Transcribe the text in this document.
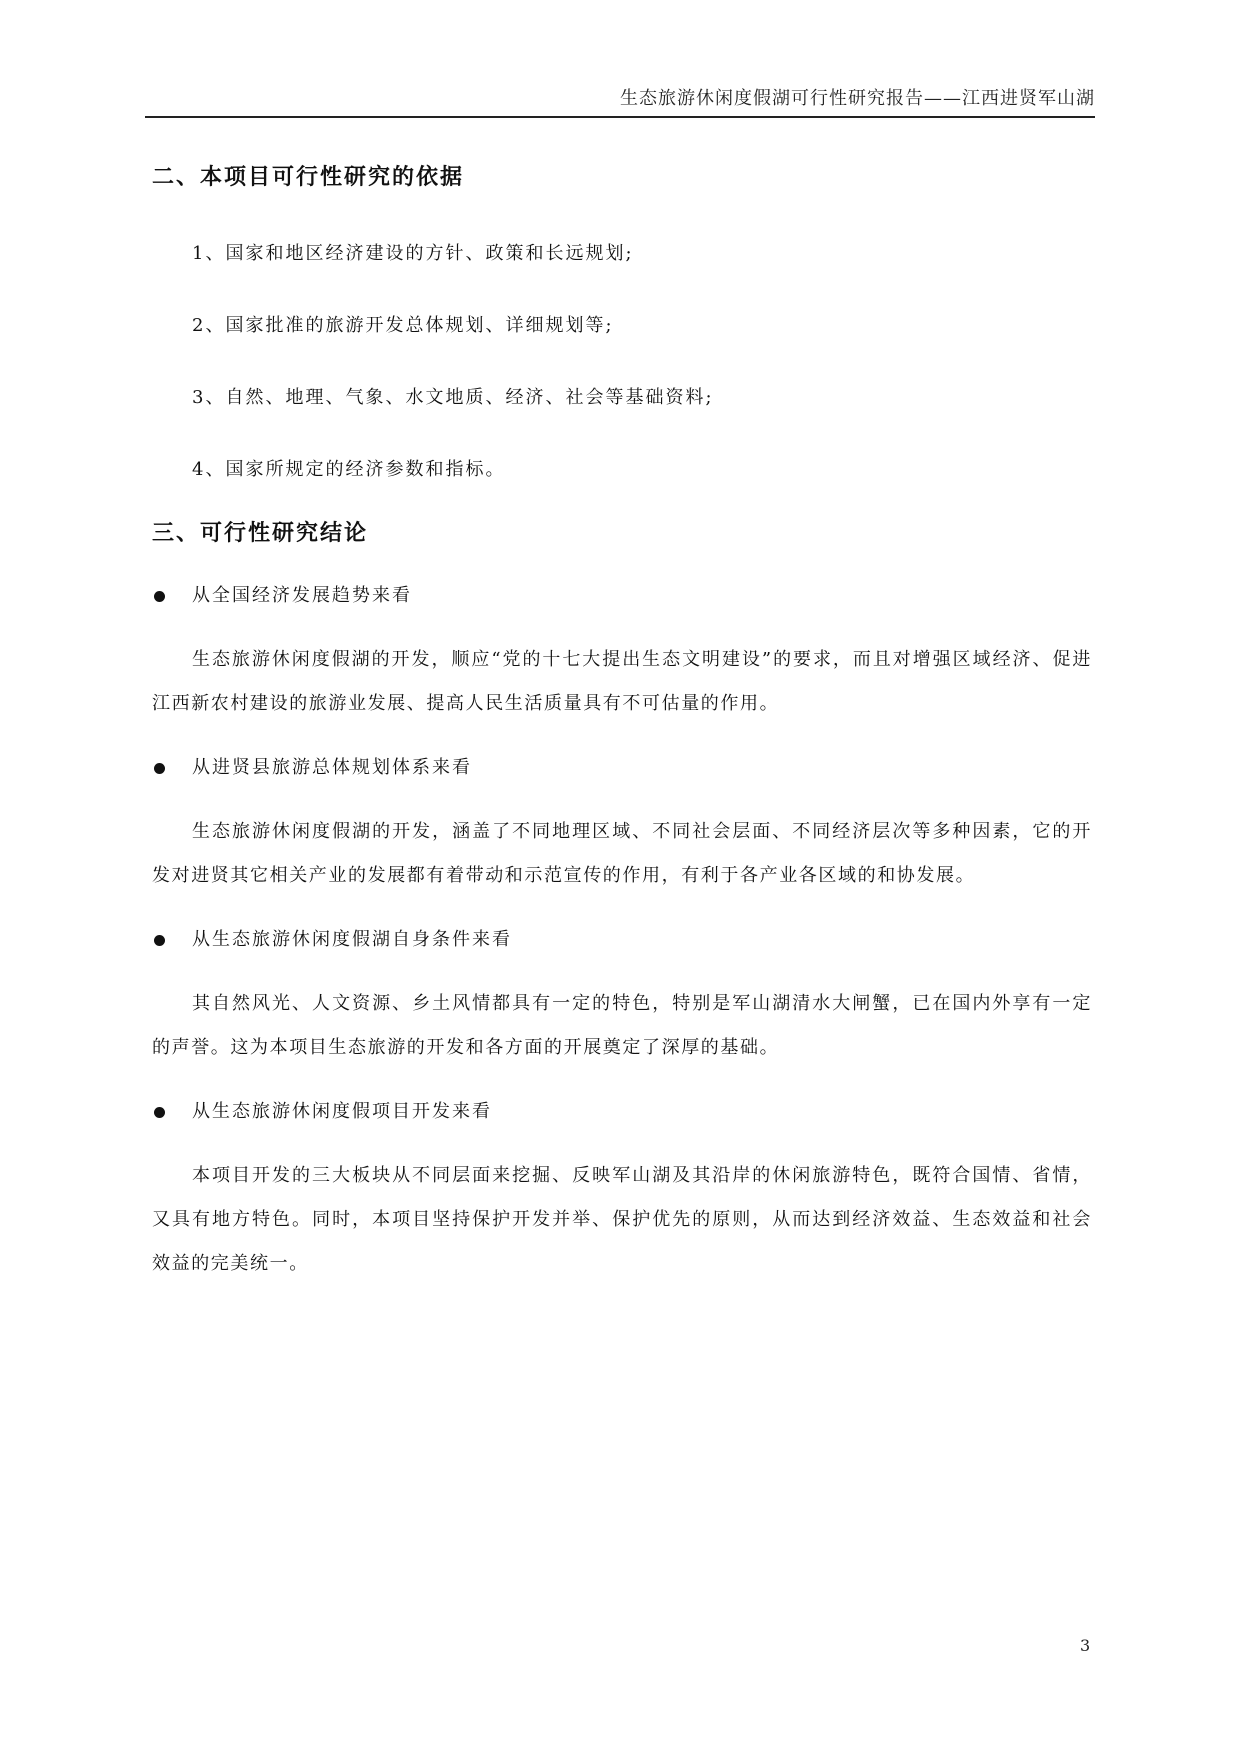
生态旅游休闲度假湖可行性研究报告——江西进贤军山湖
二、本项目可行性研究的依据
1、国家和地区经济建设的方针、政策和长远规划;
2、国家批准的旅游开发总体规划、详细规划等;
3、自然、地理、气象、水文地质、经济、社会等基础资料;
4、国家所规定的经济参数和指标。
三、可行性研究结论
从全国经济发展趋势来看

生态旅游休闲度假湖的开发，顺应“党的十七大提出生态文明建设”的要求，而且对增强区域经济、促进江西新农村建设的旅游业发展、提高人民生活质量具有不可估量的作用。

从进贤县旅游总体规划体系来看

生态旅游休闲度假湖的开发，涵盖了不同地理区域、不同社会层面、不同经济层次等多种因素，它的开发对进贤其它相关产业的发展都有着带动和示范宣传的作用，有利于各产业各区域的和协发展。

从生态旅游休闲度假湖自身条件来看

其自然风光、人文资源、乡土风情都具有一定的特色，特别是军山湖清水大闸蟹，已在国内外享有一定的声誉。这为本项目生态旅游的开发和各方面的开展奠定了深厚的基础。

从生态旅游休闲度假项目开发来看

本项目开发的三大板块从不同层面来挖掘、反映军山湖及其沿岸的休闲旅游特色，既符合国情、省情，又具有地方特色。同时，本项目坚持保护开发并举、保护优先的原则，从而达到经济效益、生态效益和社会效益的完美统一。

3
